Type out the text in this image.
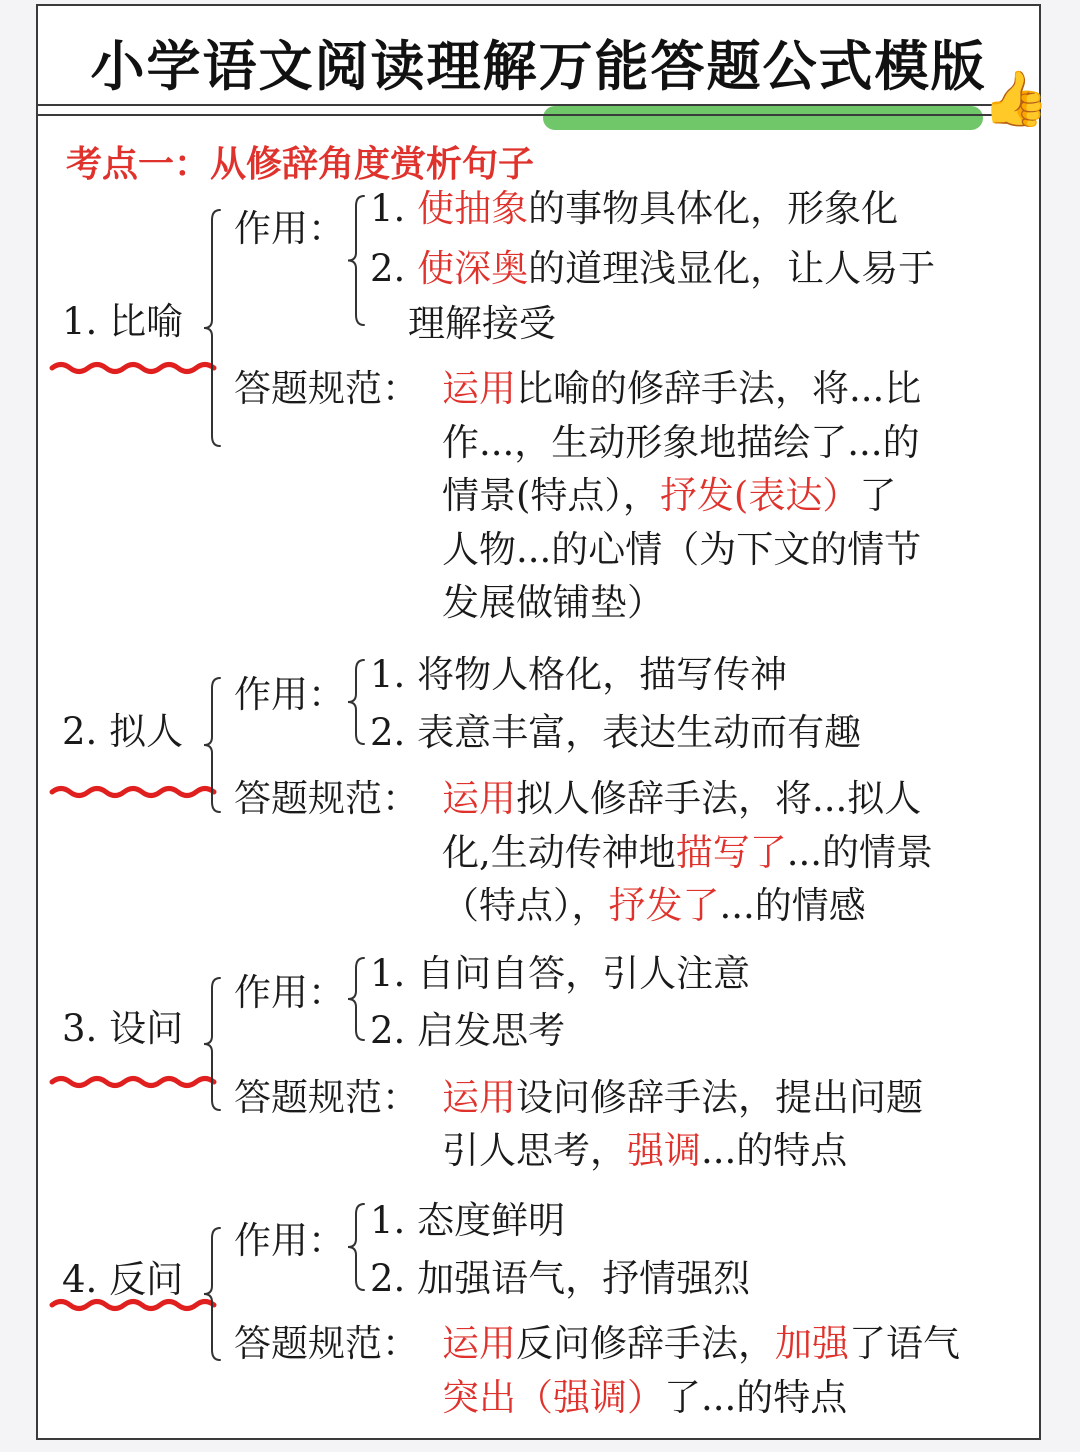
小学语文阅读理解万能答题公式模版
👍
考点一：从修辞角度赏析句子
1. 比喻
作用： 1. 使抽象的事物具体化，形象化
2. 使深奥的道理浅显化，让人易于
理解接受
答题规范： 运用比喻的修辞手法，将...比
作...，生动形象地描绘了...的
情景(特点），抒发(表达）了
人物...的心情（为下文的情节
发展做铺垫）
2. 拟人
作用： 1. 将物人格化，描写传神
2. 表意丰富，表达生动而有趣
答题规范： 运用拟人修辞手法，将...拟人
化,生动传神地描写了...的情景
（特点），抒发了...的情感
3. 设问
作用： 1. 自问自答，引人注意
2. 启发思考
答题规范： 运用设问修辞手法，提出问题
引人思考，强调...的特点
4. 反问
作用： 1. 态度鲜明
2. 加强语气，抒情强烈
答题规范： 运用反问修辞手法，加强了语气
突出（强调）了...的特点
